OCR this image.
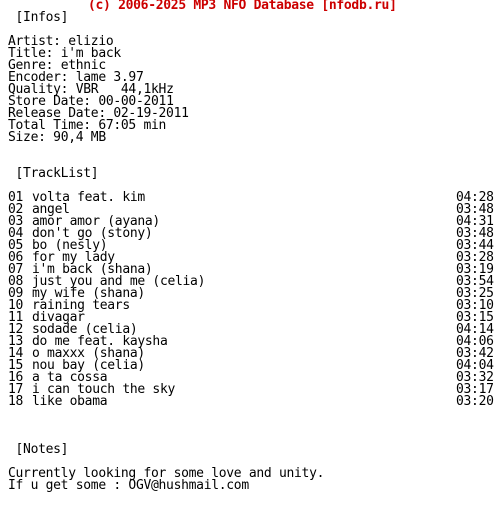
(c) 2006-2025 MP3 NFO Database [nfodb.ru]
[Infos]

Artist: elizio
Title: i'm back
Genre: ethnic
Encoder: lame 3.97
Quality: VBR   44,1kHz
Store Date: 00-00-2011
Release Date: 02-19-2011
Total Time: 67:05 min
Size: 90,4 MB

[TrackList]

01 volta feat. kim	04:28
02 angel	03:48
03 amor amor (ayana)	04:31
04 don't go (stony)	03:48
05 bo (nesly)	03:44
06 for my lady	03:28
07 i'm back (shana)	03:19
08 just you and me (celia)	03:54
09 my wife (shana)	03:25
10 raining tears	03:10
11 divagar	03:15
12 sodade (celia)	04:14
13 do me feat. kaysha	04:06
14 o maxxx (shana)	03:42
15 nou bay (celia)	04:04
16 a ta cossa	03:32
17 i can touch the sky	03:17
18 like obama	03:20

[Notes]

Currently looking for some love and unity.
If u get some : OGV@hushmail.com
